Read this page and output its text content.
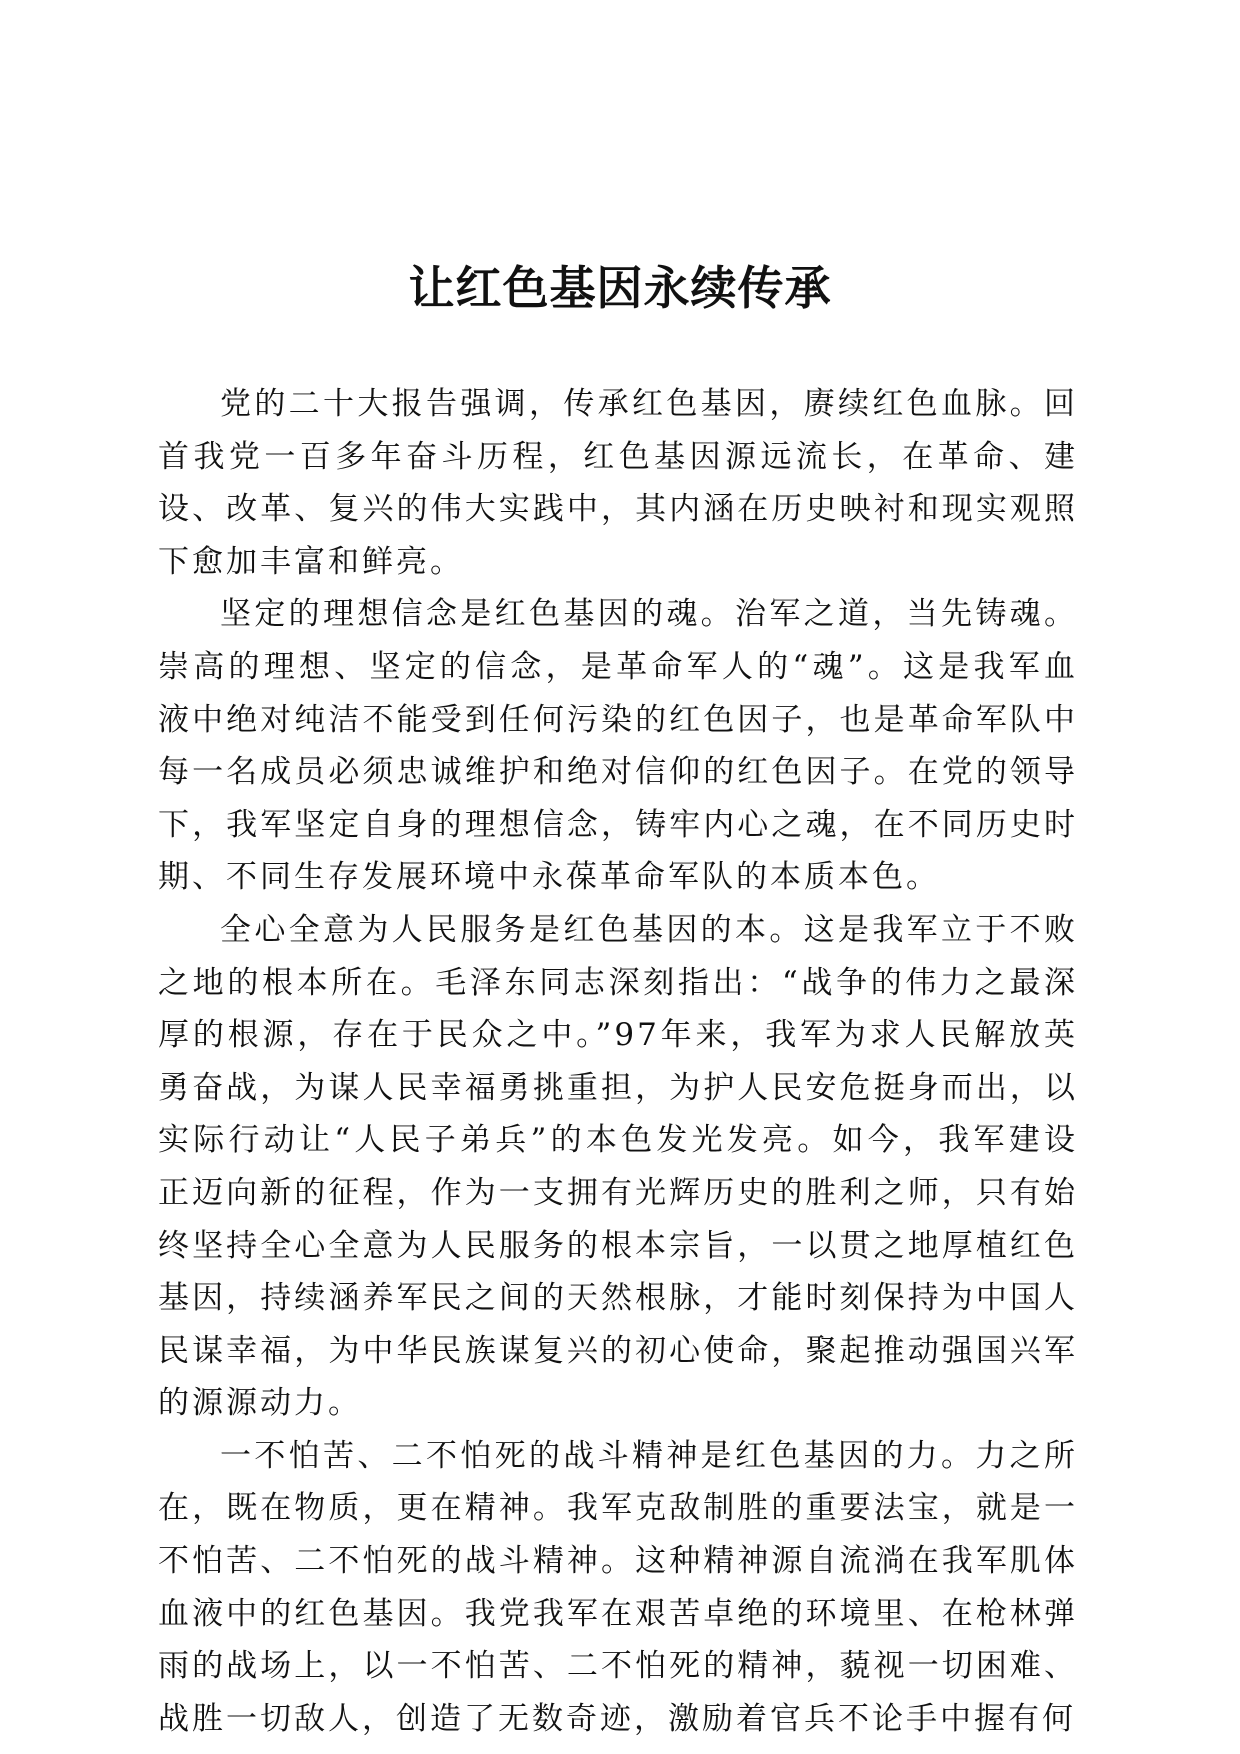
让红色基因永续传承

党的二十大报告强调，传承红色基因，赓续红色血脉。回首我党一百多年奋斗历程，红色基因源远流长，在革命、建设、改革、复兴的伟大实践中，其内涵在历史映衬和现实观照下愈加丰富和鲜亮。

坚定的理想信念是红色基因的魂。治军之道，当先铸魂。崇高的理想、坚定的信念，是革命军人的“魂”。这是我军血液中绝对纯洁不能受到任何污染的红色因子，也是革命军队中每一名成员必须忠诚维护和绝对信仰的红色因子。在党的领导下，我军坚定自身的理想信念，铸牢内心之魂，在不同历史时期、不同生存发展环境中永葆革命军队的本质本色。

全心全意为人民服务是红色基因的本。这是我军立于不败之地的根本所在。毛泽东同志深刻指出：“战争的伟力之最深厚的根源，存在于民众之中。”97年来，我军为求人民解放英勇奋战，为谋人民幸福勇挑重担，为护人民安危挺身而出，以实际行动让“人民子弟兵”的本色发光发亮。如今，我军建设正迈向新的征程，作为一支拥有光辉历史的胜利之师，只有始终坚持全心全意为人民服务的根本宗旨，一以贯之地厚植红色基因，持续涵养军民之间的天然根脉，才能时刻保持为中国人民谋幸福，为中华民族谋复兴的初心使命，聚起推动强国兴军的源源动力。

一不怕苦、二不怕死的战斗精神是红色基因的力。力之所在，既在物质，更在精神。我军克敌制胜的重要法宝，就是一不怕苦、二不怕死的战斗精神。这种精神源自流淌在我军肌体血液中的红色基因。我党我军在艰苦卓绝的环境里、在枪林弹雨的战场上，以一不怕苦、二不怕死的精神，藐视一切困难、战胜一切敌人，创造了无数奇迹，激励着官兵不论手中握有何
